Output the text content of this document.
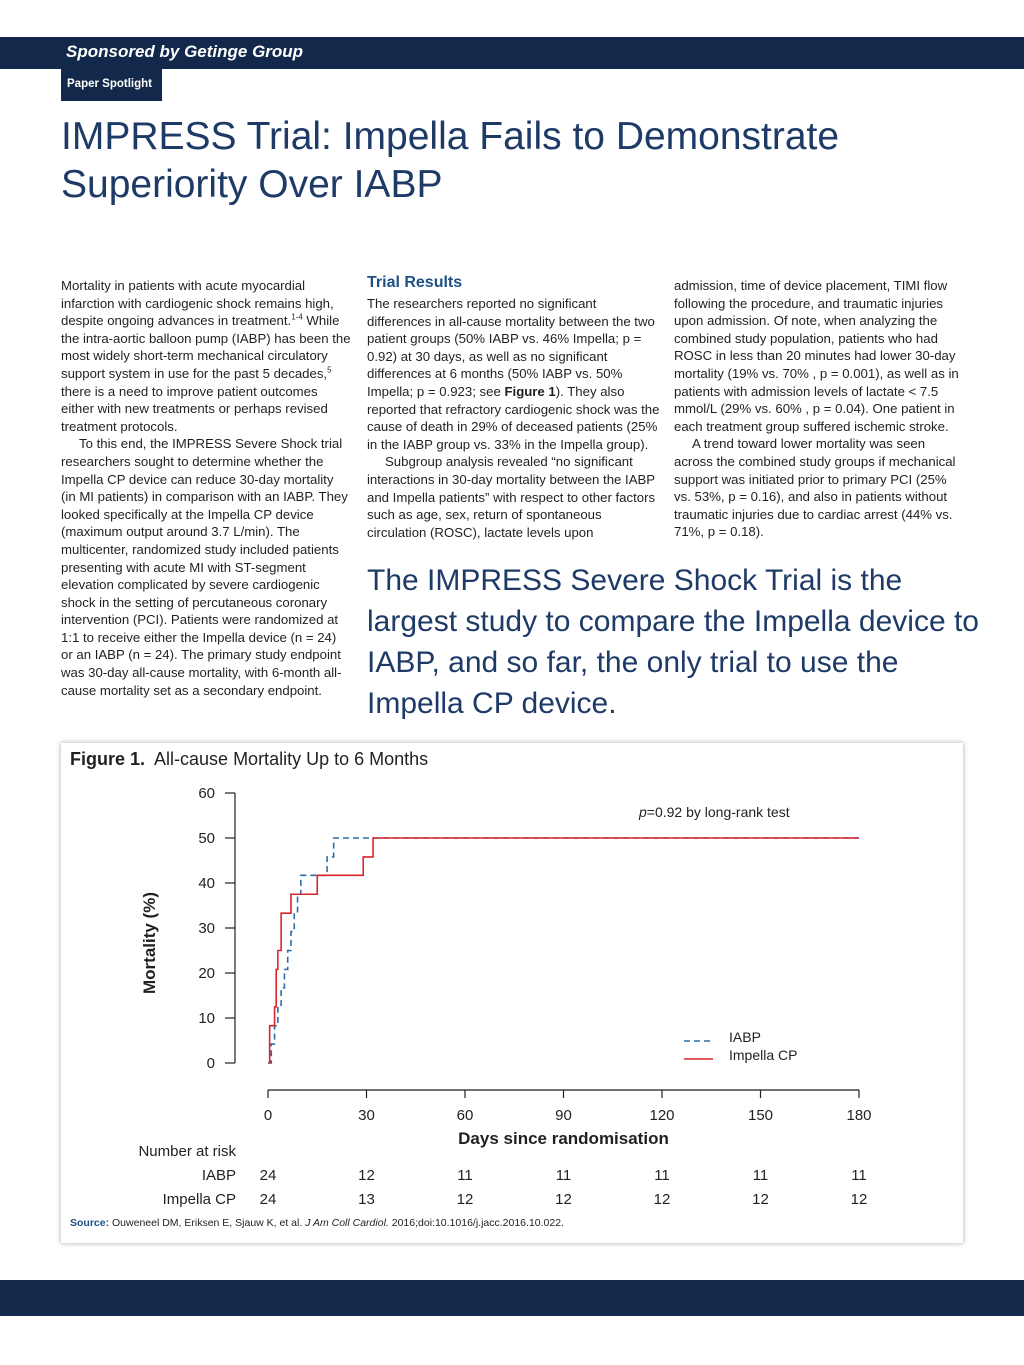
Sponsored by Getinge Group
Paper Spotlight
IMPRESS Trial: Impella Fails to Demonstrate
Superiority Over IABP

Mortality in patients with acute myocardial infarction with cardiogenic shock remains high, despite ongoing advances in treatment.$^{1-4}$ While the intra-aortic balloon pump (IABP) has been the most widely short-term mechanical circulatory support system in use for the past 5 decades,$^5$ there is a need to improve patient outcomes either with new treatments or perhaps revised treatment protocols.

To this end, the IMPRESS Severe Shock trial researchers sought to determine whether the Impella CP device can reduce 30-day mortality (in MI patients) in comparison with an IABP. They looked specifically at the Impella CP device (maximum output around 3.7 L/min). The multicenter, randomized study included patients presenting with acute MI with ST-segment elevation complicated by severe cardiogenic shock in the setting of percutaneous coronary intervention (PCI). Patients were randomized at 1:1 to receive either the Impella device (n = 24) or an IABP (n = 24). The primary study endpoint was 30-day all-cause mortality, with 6-month all-cause mortality set as a secondary endpoint.

Trial Results

The researchers reported no significant differences in all-cause mortality between the two patient groups (50% IABP vs. 46% Impella; p = 0.92) at 30 days, as well as no significant differences at 6 months (50% IABP vs. 50% Impella; p = 0.923; see Figure 1). They also reported that refractory cardiogenic shock was the cause of death in 29% of deceased patients (25% in the IABP group vs. 33% in the Impella group).

Subgroup analysis revealed “no significant interactions in 30-day mortality between the IABP and Impella patients” with respect to other factors such as age, sex, return of spontaneous circulation (ROSC), lactate levels upon

admission, time of device placement, TIMI flow following the procedure, and traumatic injuries upon admission. Of note, when analyzing the combined study population, patients who had ROSC in less than 20 minutes had lower 30-day mortality (19% vs. 70% , p = 0.001), as well as in patients with admission levels of lactate < 7.5 mmol/L (29% vs. 60% , p = 0.04). One patient in each treatment group suffered ischemic stroke.

A trend toward lower mortality was seen across the combined study groups if mechanical support was initiated prior to primary PCI (25% vs. 53%, p = 0.16), and also in patients without traumatic injuries due to cardiac arrest (44% vs. 71%, p = 0.18).

The IMPRESS Severe Shock Trial is the largest study to compare the Impella device to IABP, and so far, the only trial to use the Impella CP device.
Figure 1. All-cause Mortality Up to 6 Months
0
10
20
30
40
50
60
0	30	60	90	120	150	180
Mortality (%)
Days since randomisation
p=0.92 by long-rank test
IABP
Impella CP
Number at risk
IABP 24	12	11	11	11	11	11
Impella CP 24	13	12	12	12	12	12
Source: Ouweneel DM, Eriksen E, Sjauw K, et al. J Am Coll Cardiol. 2016;doi:10.1016/j.jacc.2016.10.022.
